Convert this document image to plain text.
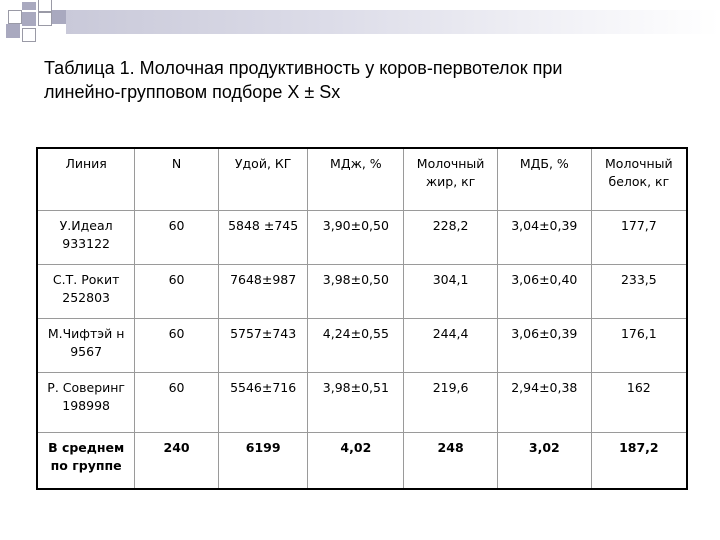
Таблица 1. Молочная продуктивность у коров-первотелок при
линейно-групповом подборе X ± Sx
Линия	N	Удой, КГ	МДж, %	Молочный жир, кг	МДБ, %	Молочный белок, кг
У.Идеал 933122	60	5848 ±745	3,90±0,50	228,2	3,04±0,39	177,7
С.Т. Рокит 252803	60	7648±987	3,98±0,50	304,1	3,06±0,40	233,5
М.Чифтэй н 9567	60	5757±743	4,24±0,55	244,4	3,06±0,39	176,1
Р. Соверинг 198998	60	5546±716	3,98±0,51	219,6	2,94±0,38	162
В среднем по группе	240	6199	4,02	248	3,02	187,2
